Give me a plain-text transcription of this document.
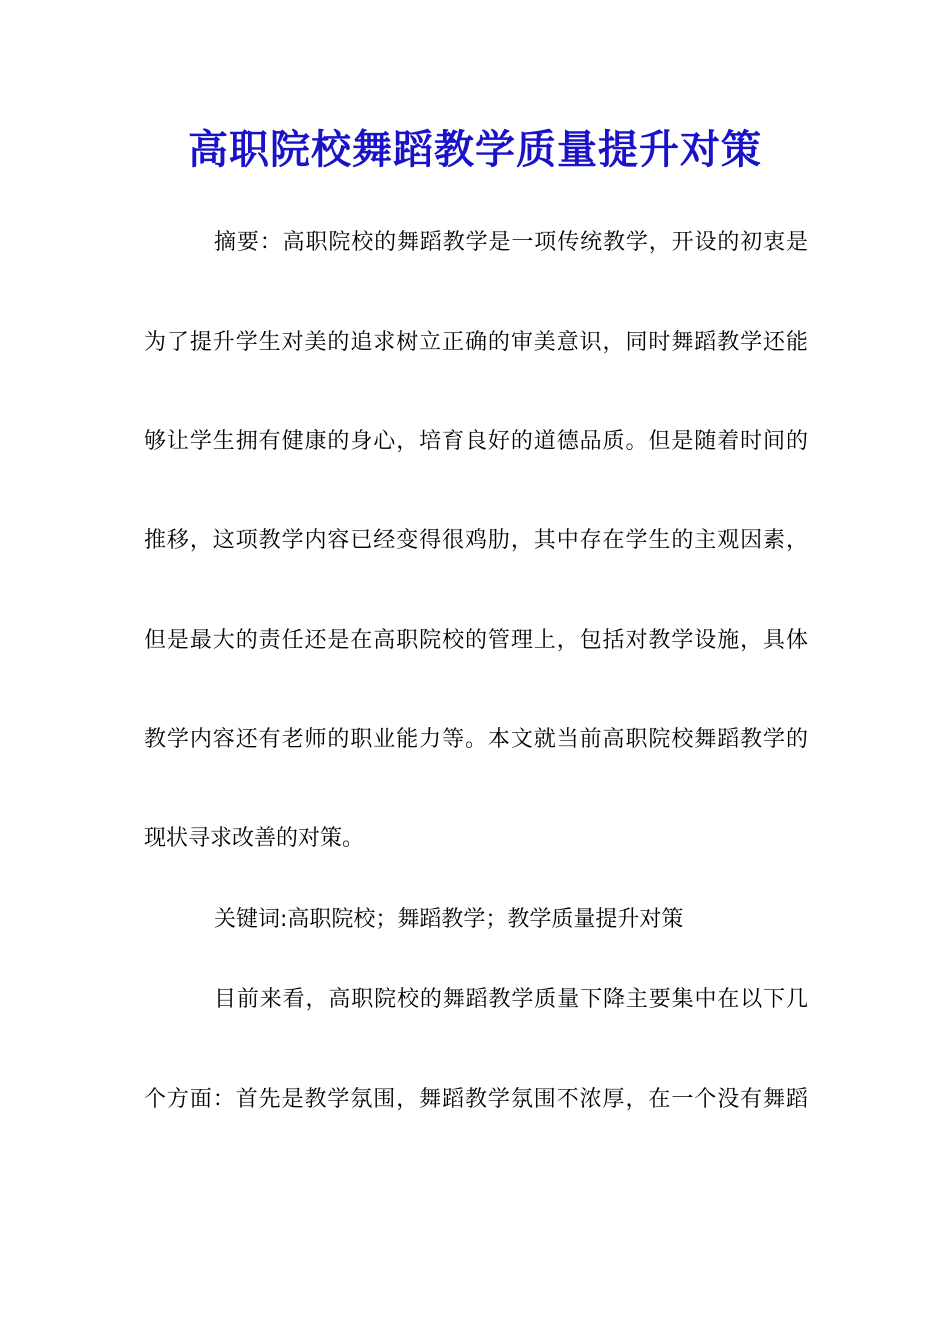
高职院校舞蹈教学质量提升对策

摘要：高职院校的舞蹈教学是一项传统教学，开设的初衷是

为了提升学生对美的追求树立正确的审美意识，同时舞蹈教学还能

够让学生拥有健康的身心，培育良好的道德品质。但是随着时间的

推移，这项教学内容已经变得很鸡肋，其中存在学生的主观因素，

但是最大的责任还是在高职院校的管理上，包括对教学设施，具体

教学内容还有老师的职业能力等。本文就当前高职院校舞蹈教学的

现状寻求改善的对策。

关键词:高职院校；舞蹈教学；教学质量提升对策

目前来看，高职院校的舞蹈教学质量下降主要集中在以下几

个方面：首先是教学氛围，舞蹈教学氛围不浓厚，在一个没有舞蹈
